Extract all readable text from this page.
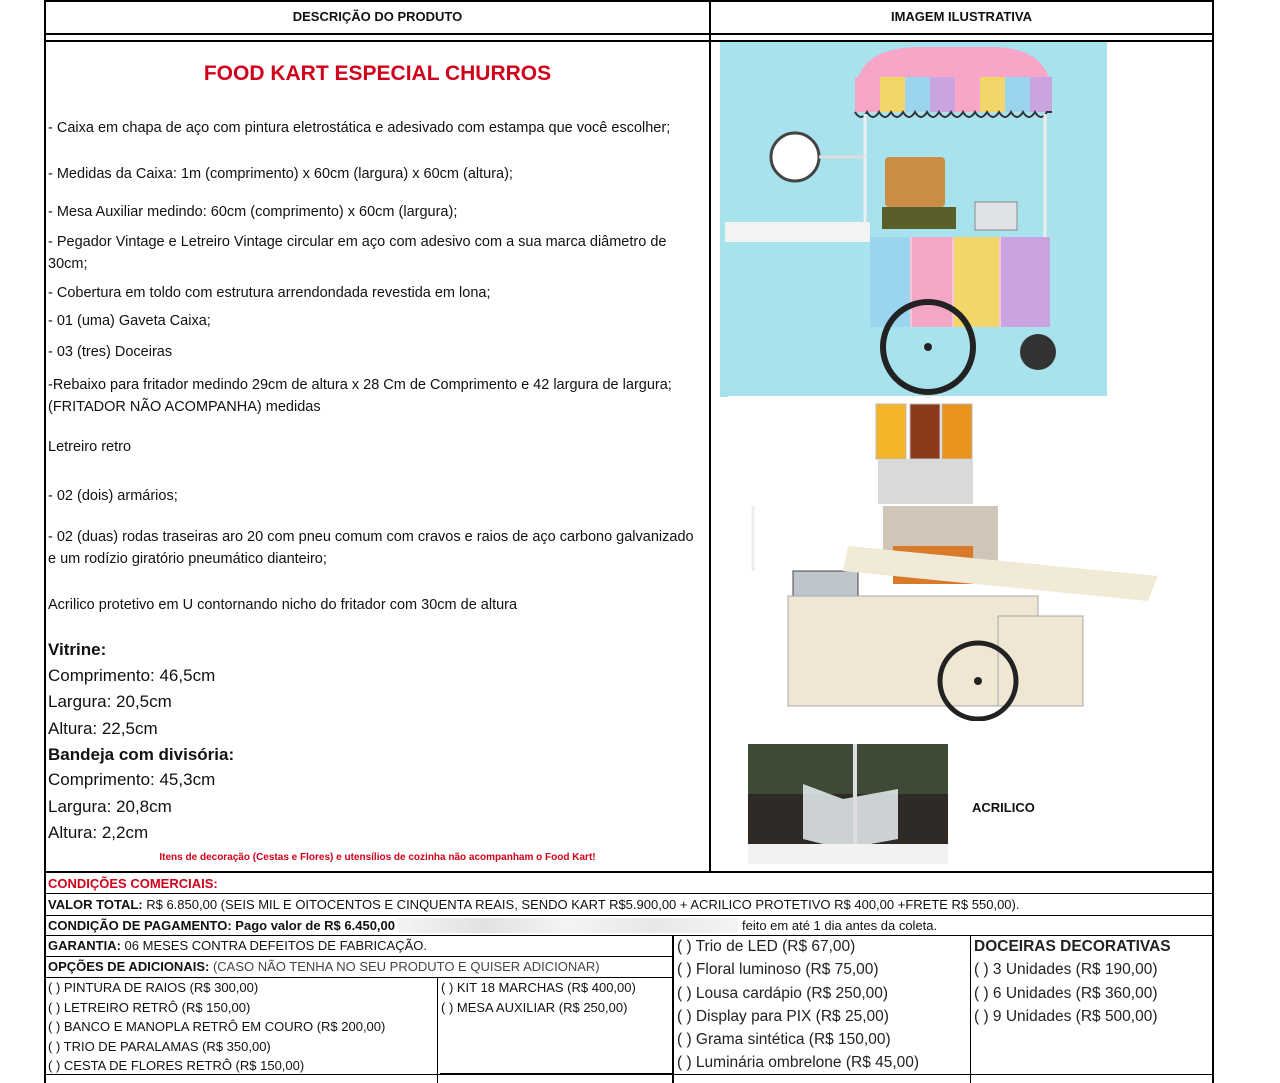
DESCRIÇÃO DO PRODUTO	IMAGEM ILUSTRATIVA
FOOD KART ESPECIAL CHURROS
- Caixa em chapa de aço com pintura eletrostática e adesivado com estampa que você escolher;
- Medidas da Caixa: 1m (comprimento) x 60cm (largura) x 60cm (altura);
- Mesa Auxiliar medindo: 60cm (comprimento) x 60cm (largura);
- Pegador Vintage e Letreiro Vintage circular em aço com adesivo com a sua marca diâmetro de 30cm;
- Cobertura em toldo com estrutura arrendondada revestida em lona;
- 01 (uma) Gaveta Caixa;
- 03 (tres) Doceiras
-Rebaixo para fritador medindo 29cm de altura x 28 Cm de Comprimento e 42 largura de largura; (FRITADOR NÃO ACOMPANHA) medidas
Letreiro retro
- 02 (dois) armários;
- 02 (duas) rodas traseiras aro 20 com pneu comum com cravos e raios de aço carbono galvanizado e um rodízio giratório pneumático dianteiro;
Acrilico protetivo em U contornando nicho do fritador com 30cm de altura
Vitrine:
Comprimento: 46,5cm
Largura: 20,5cm
Altura: 22,5cm
Bandeja com divisória:
Comprimento: 45,3cm
Largura: 20,8cm
Altura: 2,2cm
Itens de decoração (Cestas e Flores) e utensílios de cozinha não acompanham o Food Kart!
ACRILICO
CONDIÇÕES COMERCIAIS:
VALOR TOTAL: R$ 6.850,00 (SEIS MIL E OITOCENTOS E CINQUENTA REAIS, SENDO KART R$5.900,00 + ACRILICO PROTETIVO R$ 400,00 +FRETE R$ 550,00).
CONDIÇÃO DE PAGAMENTO: Pago valor de R$ 6.450,00	feito em até 1 dia antes da coleta.
GARANTIA: 06 MESES CONTRA DEFEITOS DE FABRICAÇÃO.
OPÇÕES DE ADICIONAIS: (CASO NÃO TENHA NO SEU PRODUTO E QUISER ADICIONAR)
( ) PINTURA DE RAIOS (R$ 300,00)
( ) LETREIRO RETRÔ (R$ 150,00)
( ) BANCO E MANOPLA RETRÔ EM COURO (R$ 200,00)
( ) TRIO DE PARALAMAS (R$ 350,00)
( ) CESTA DE FLORES RETRÔ (R$ 150,00)
( ) KIT 18 MARCHAS (R$ 400,00)
( ) MESA AUXILIAR (R$ 250,00)
( ) Trio de LED (R$ 67,00)
( ) Floral luminoso (R$ 75,00)
( ) Lousa cardápio (R$ 250,00)
( ) Display para PIX (R$ 25,00)
( ) Grama sintética (R$ 150,00)
( ) Luminária ombrelone (R$ 45,00)
DOCEIRAS DECORATIVAS
( ) 3 Unidades (R$ 190,00)
( ) 6 Unidades (R$ 360,00)
( ) 9 Unidades (R$ 500,00)
